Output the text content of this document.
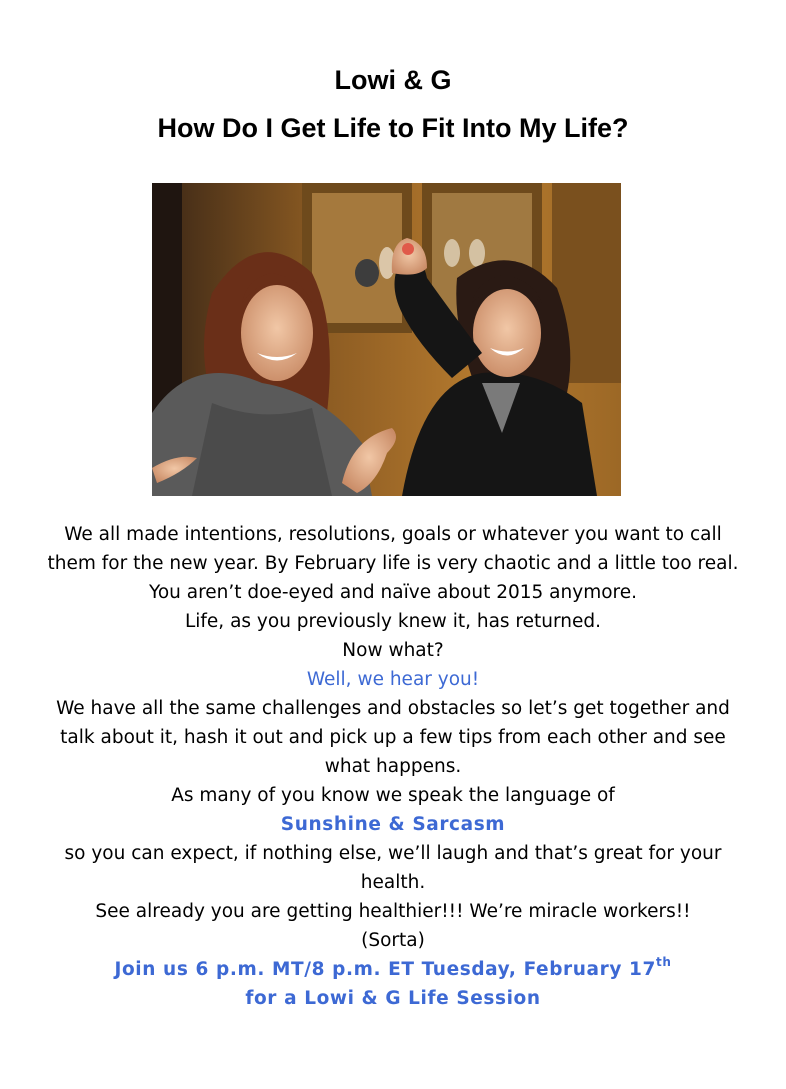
Lowi & G
How Do I Get Life to Fit Into My Life?

We all made intentions, resolutions, goals or whatever you want to call them for the new year. By February life is very chaotic and a little too real.

You aren’t doe-eyed and naïve about 2015 anymore.

Life, as you previously knew it, has returned.

Now what?

Well, we hear you!

We have all the same challenges and obstacles so let’s get together and talk about it, hash it out and pick up a few tips from each other and see what happens.

As many of you know we speak the language of

Sunshine & Sarcasm

so you can expect, if nothing else, we’ll laugh and that’s great for your health.

See already you are getting healthier!!! We’re miracle workers!!

(Sorta)

Join us 6 p.m. MT/8 p.m. ET Tuesday, February 17th

for a Lowi & G Life Session
